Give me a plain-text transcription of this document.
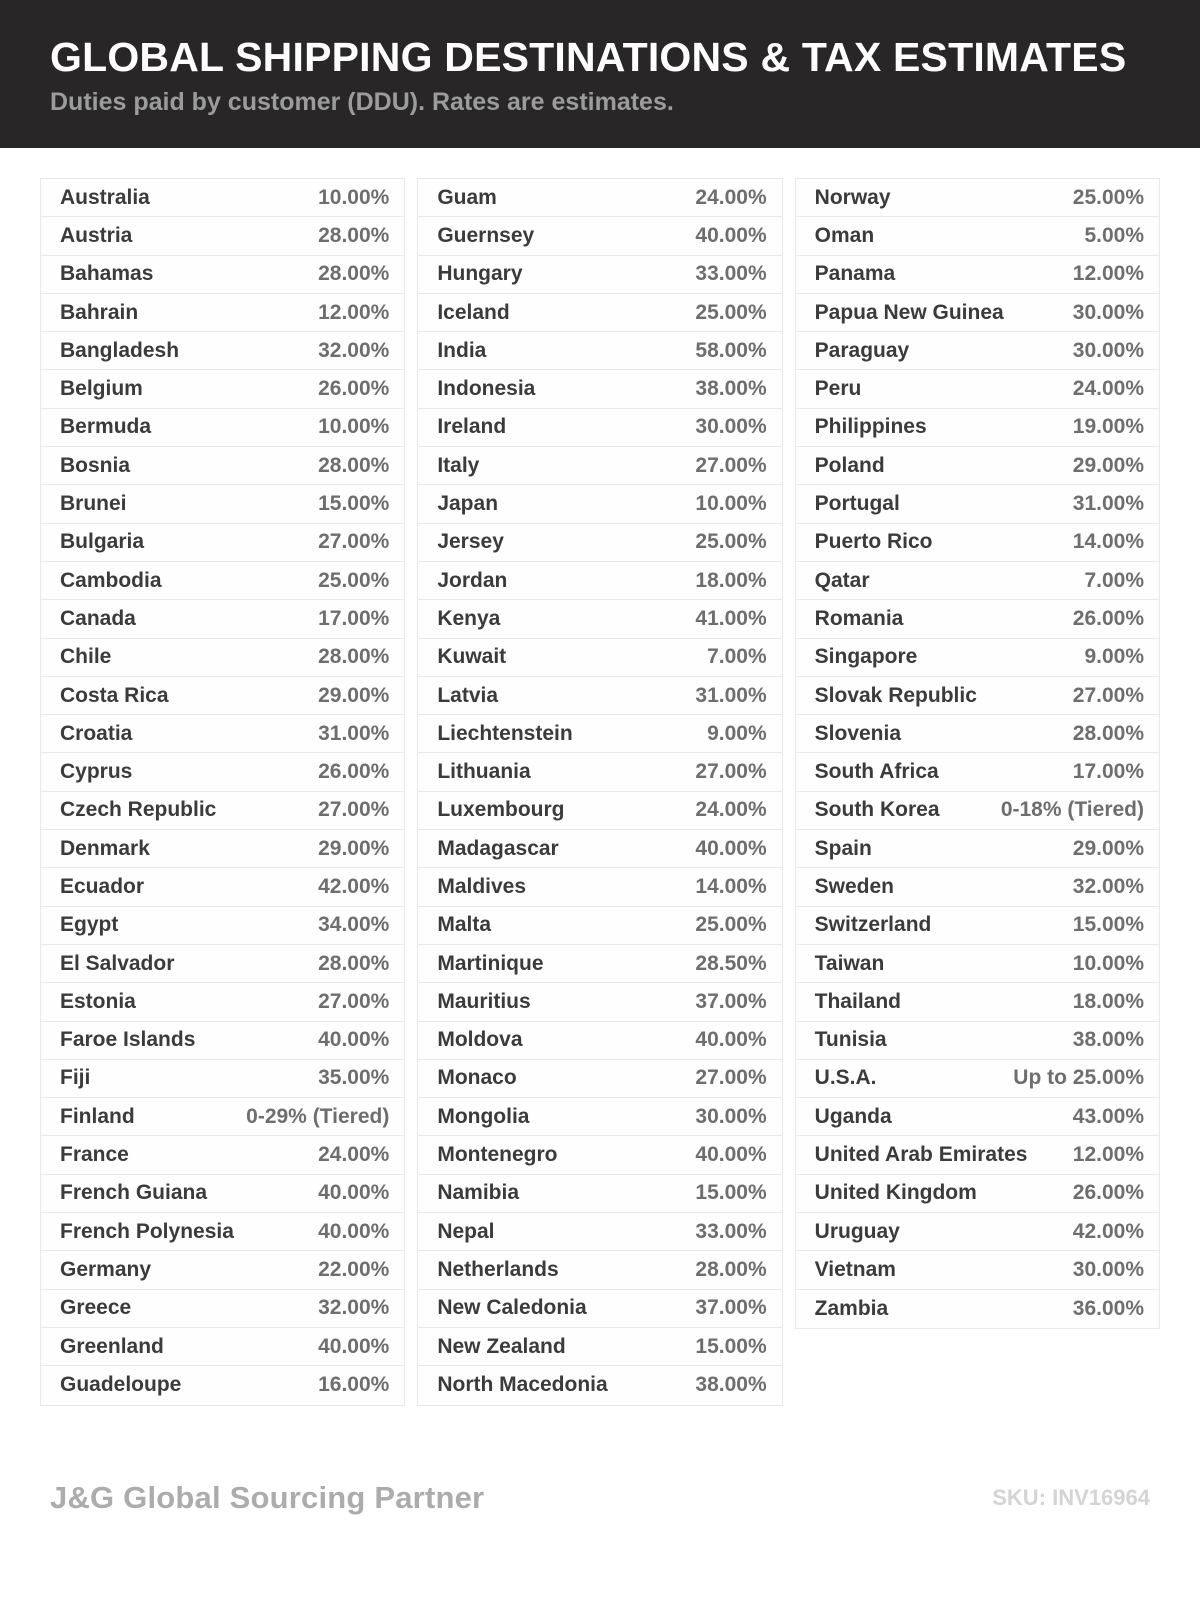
GLOBAL SHIPPING DESTINATIONS & TAX ESTIMATES

Duties paid by customer (DDU). Rates are estimates.

Australia	10.00%
Austria	28.00%
Bahamas	28.00%
Bahrain	12.00%
Bangladesh	32.00%
Belgium	26.00%
Bermuda	10.00%
Bosnia	28.00%
Brunei	15.00%
Bulgaria	27.00%
Cambodia	25.00%
Canada	17.00%
Chile	28.00%
Costa Rica	29.00%
Croatia	31.00%
Cyprus	26.00%
Czech Republic	27.00%
Denmark	29.00%
Ecuador	42.00%
Egypt	34.00%
El Salvador	28.00%
Estonia	27.00%
Faroe Islands	40.00%
Fiji	35.00%
Finland	0-29% (Tiered)
France	24.00%
French Guiana	40.00%
French Polynesia	40.00%
Germany	22.00%
Greece	32.00%
Greenland	40.00%
Guadeloupe	16.00%
Guam	24.00%
Guernsey	40.00%
Hungary	33.00%
Iceland	25.00%
India	58.00%
Indonesia	38.00%
Ireland	30.00%
Italy	27.00%
Japan	10.00%
Jersey	25.00%
Jordan	18.00%
Kenya	41.00%
Kuwait	7.00%
Latvia	31.00%
Liechtenstein	9.00%
Lithuania	27.00%
Luxembourg	24.00%
Madagascar	40.00%
Maldives	14.00%
Malta	25.00%
Martinique	28.50%
Mauritius	37.00%
Moldova	40.00%
Monaco	27.00%
Mongolia	30.00%
Montenegro	40.00%
Namibia	15.00%
Nepal	33.00%
Netherlands	28.00%
New Caledonia	37.00%
New Zealand	15.00%
North Macedonia	38.00%
Norway	25.00%
Oman	5.00%
Panama	12.00%
Papua New Guinea	30.00%
Paraguay	30.00%
Peru	24.00%
Philippines	19.00%
Poland	29.00%
Portugal	31.00%
Puerto Rico	14.00%
Qatar	7.00%
Romania	26.00%
Singapore	9.00%
Slovak Republic	27.00%
Slovenia	28.00%
South Africa	17.00%
South Korea	0-18% (Tiered)
Spain	29.00%
Sweden	32.00%
Switzerland	15.00%
Taiwan	10.00%
Thailand	18.00%
Tunisia	38.00%
U.S.A.	Up to 25.00%
Uganda	43.00%
United Arab Emirates 12.00%
United Kingdom	26.00%
Uruguay	42.00%
Vietnam	30.00%
Zambia	36.00%
J&G Global Sourcing Partner	SKU: INV16964
